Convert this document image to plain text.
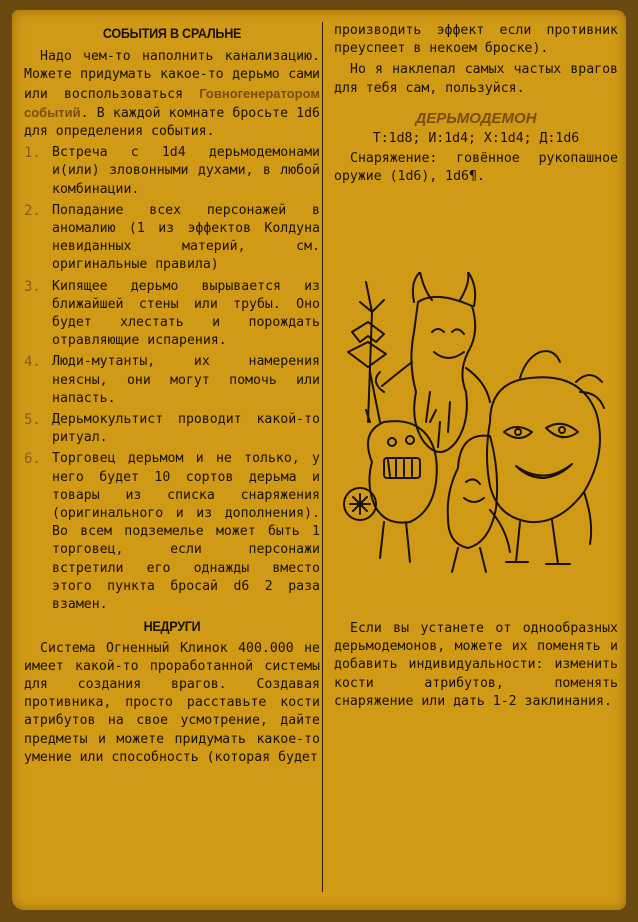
СОБЫТИЯ В СРАЛЬНЕ

Надо чем-то наполнить канализацию. Можете придумать какое-то дерьмо сами или воспользоваться Говногенератором событий. В каждой комнате бросьте 1d6 для определения события.

1. Встреча с 1d4 дерьмодемонами и(или) зловонными духами, в любой комбинации.
2. Попадание всех персонажей в аномалию (1 из эффектов Колдуна невиданных материй, см. оригинальные правила)
3. Кипящее дерьмо вырывается из ближайшей стены или трубы. Оно будет хлестать и порождать отравляющие испарения.
4. Люди-мутанты, их намерения неясны, они могут помочь или напасть.
5. Дерьмокультист проводит какой-то ритуал.
6. Торговец дерьмом и не только, у него будет 10 сортов дерьма и товары из списка снаряжения (оригинального и из дополнения). Во всем подземелье может быть 1 торговец, если персонажи встретили его однажды вместо этого пункта бросай d6 2 раза взамен.
НЕДРУГИ

Система Огненный Клинок 400.000 не имеет какой-то проработанной системы для создания врагов. Создавая противника, просто расставьте кости атрибутов на свое усмотрение, дайте предметы и можете придумать какое-то умение или способность (которая будет

производить эффект если противник преуспеет в некоем броске).

Но я наклепал самых частых врагов для тебя сам, пользуйся.

ДЕРЬМОДЕМОН
Т:1d8; И:1d4; Х:1d4; Д:1d6

Снаряжение: говённое рукопашное оружие (1d6), 1d6¶.

Если вы устанете от однообразных дерьмодемонов, можете их поменять и добавить индивидуальности: изменить кости атрибутов, поменять снаряжение или дать 1-2 заклинания.
